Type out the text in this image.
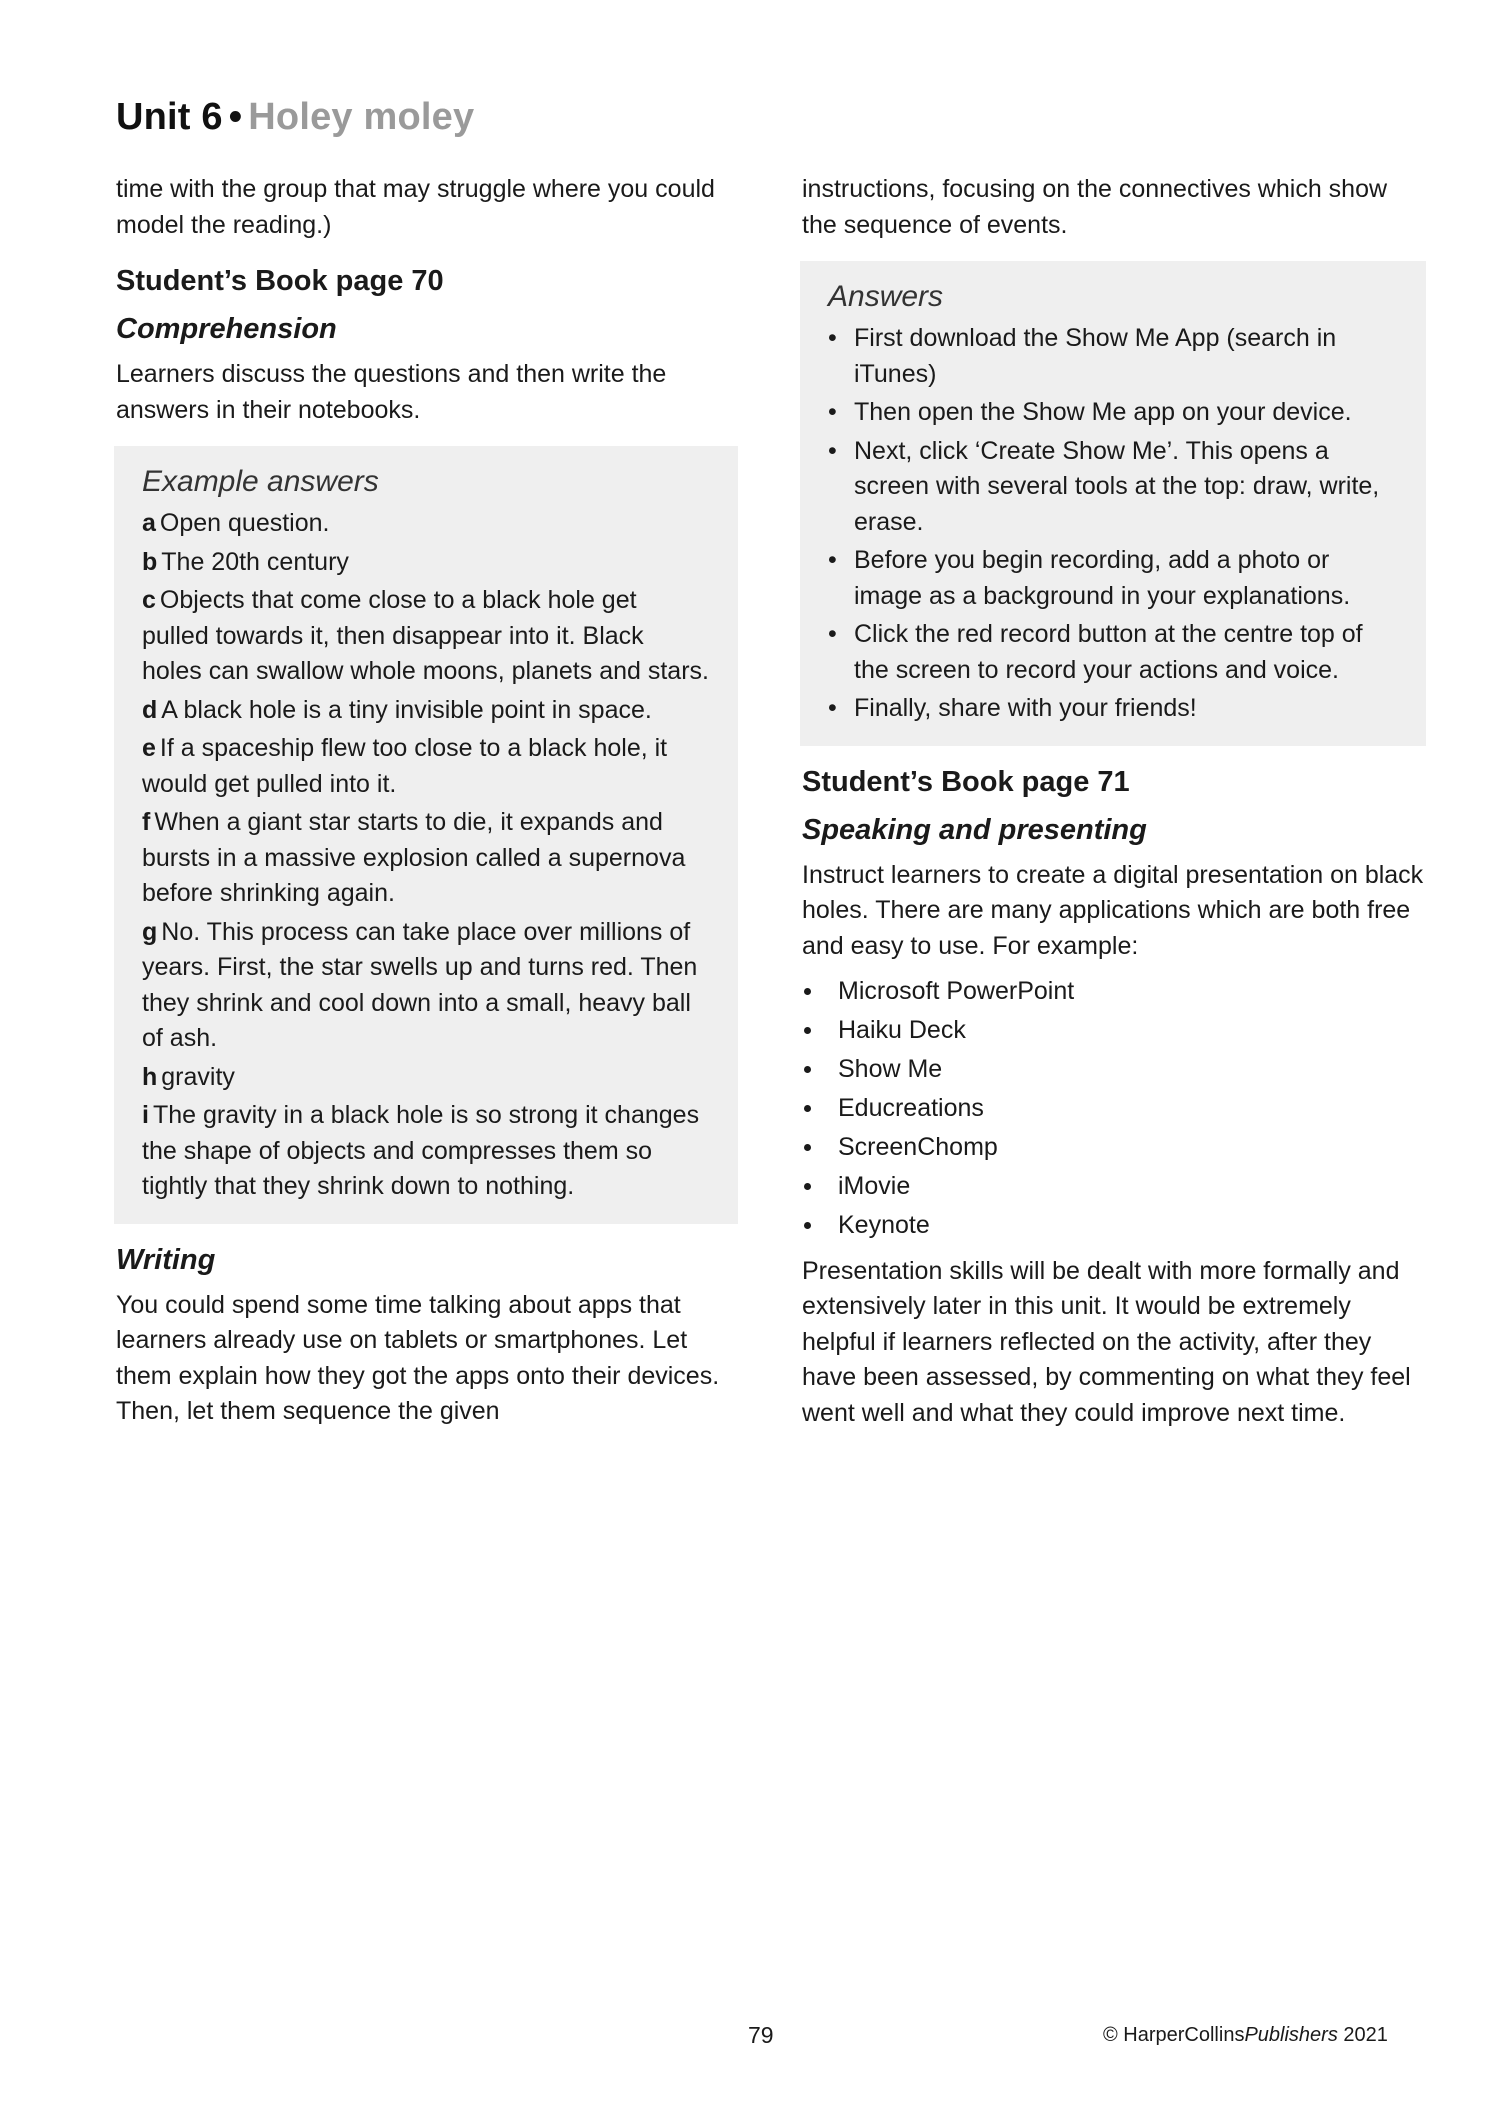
Unit 6 • Holey moley

time with the group that may struggle where you could model the reading.)

Student’s Book page 70
Comprehension

Learners discuss the questions and then write the answers in their notebooks.

Example answers
a Open question.
b The 20th century
c Objects that come close to a black hole get pulled towards it, then disappear into it. Black holes can swallow whole moons, planets and stars.
d A black hole is a tiny invisible point in space.
e If a spaceship flew too close to a black hole, it would get pulled into it.
f When a giant star starts to die, it expands and bursts in a massive explosion called a supernova before shrinking again.
g No. This process can take place over millions of years. First, the star swells up and turns red. Then they shrink and cool down into a small, heavy ball of ash.
h gravity
i The gravity in a black hole is so strong it changes the shape of objects and compresses them so tightly that they shrink down to nothing.
Writing

You could spend some time talking about apps that learners already use on tablets or smartphones. Let them explain how they got the apps onto their devices. Then, let them sequence the given

instructions, focusing on the connectives which show the sequence of events.

Answers
• First download the Show Me App (search in iTunes)
• Then open the Show Me app on your device.
• Next, click ‘Create Show Me’. This opens a screen with several tools at the top: draw, write, erase.
• Before you begin recording, add a photo or image as a background in your explanations.
• Click the red record button at the centre top of the screen to record your actions and voice.
• Finally, share with your friends!
Student’s Book page 71
Speaking and presenting

Instruct learners to create a digital presentation on black holes. There are many applications which are both free and easy to use. For example:

Microsoft PowerPoint
Haiku Deck
Show Me
Educreations
ScreenChomp
iMovie
Keynote

Presentation skills will be dealt with more formally and extensively later in this unit. It would be extremely helpful if learners reflected on the activity, after they have been assessed, by commenting on what they feel went well and what they could improve next time.

79	© HarperCollinsPublishers 2021
